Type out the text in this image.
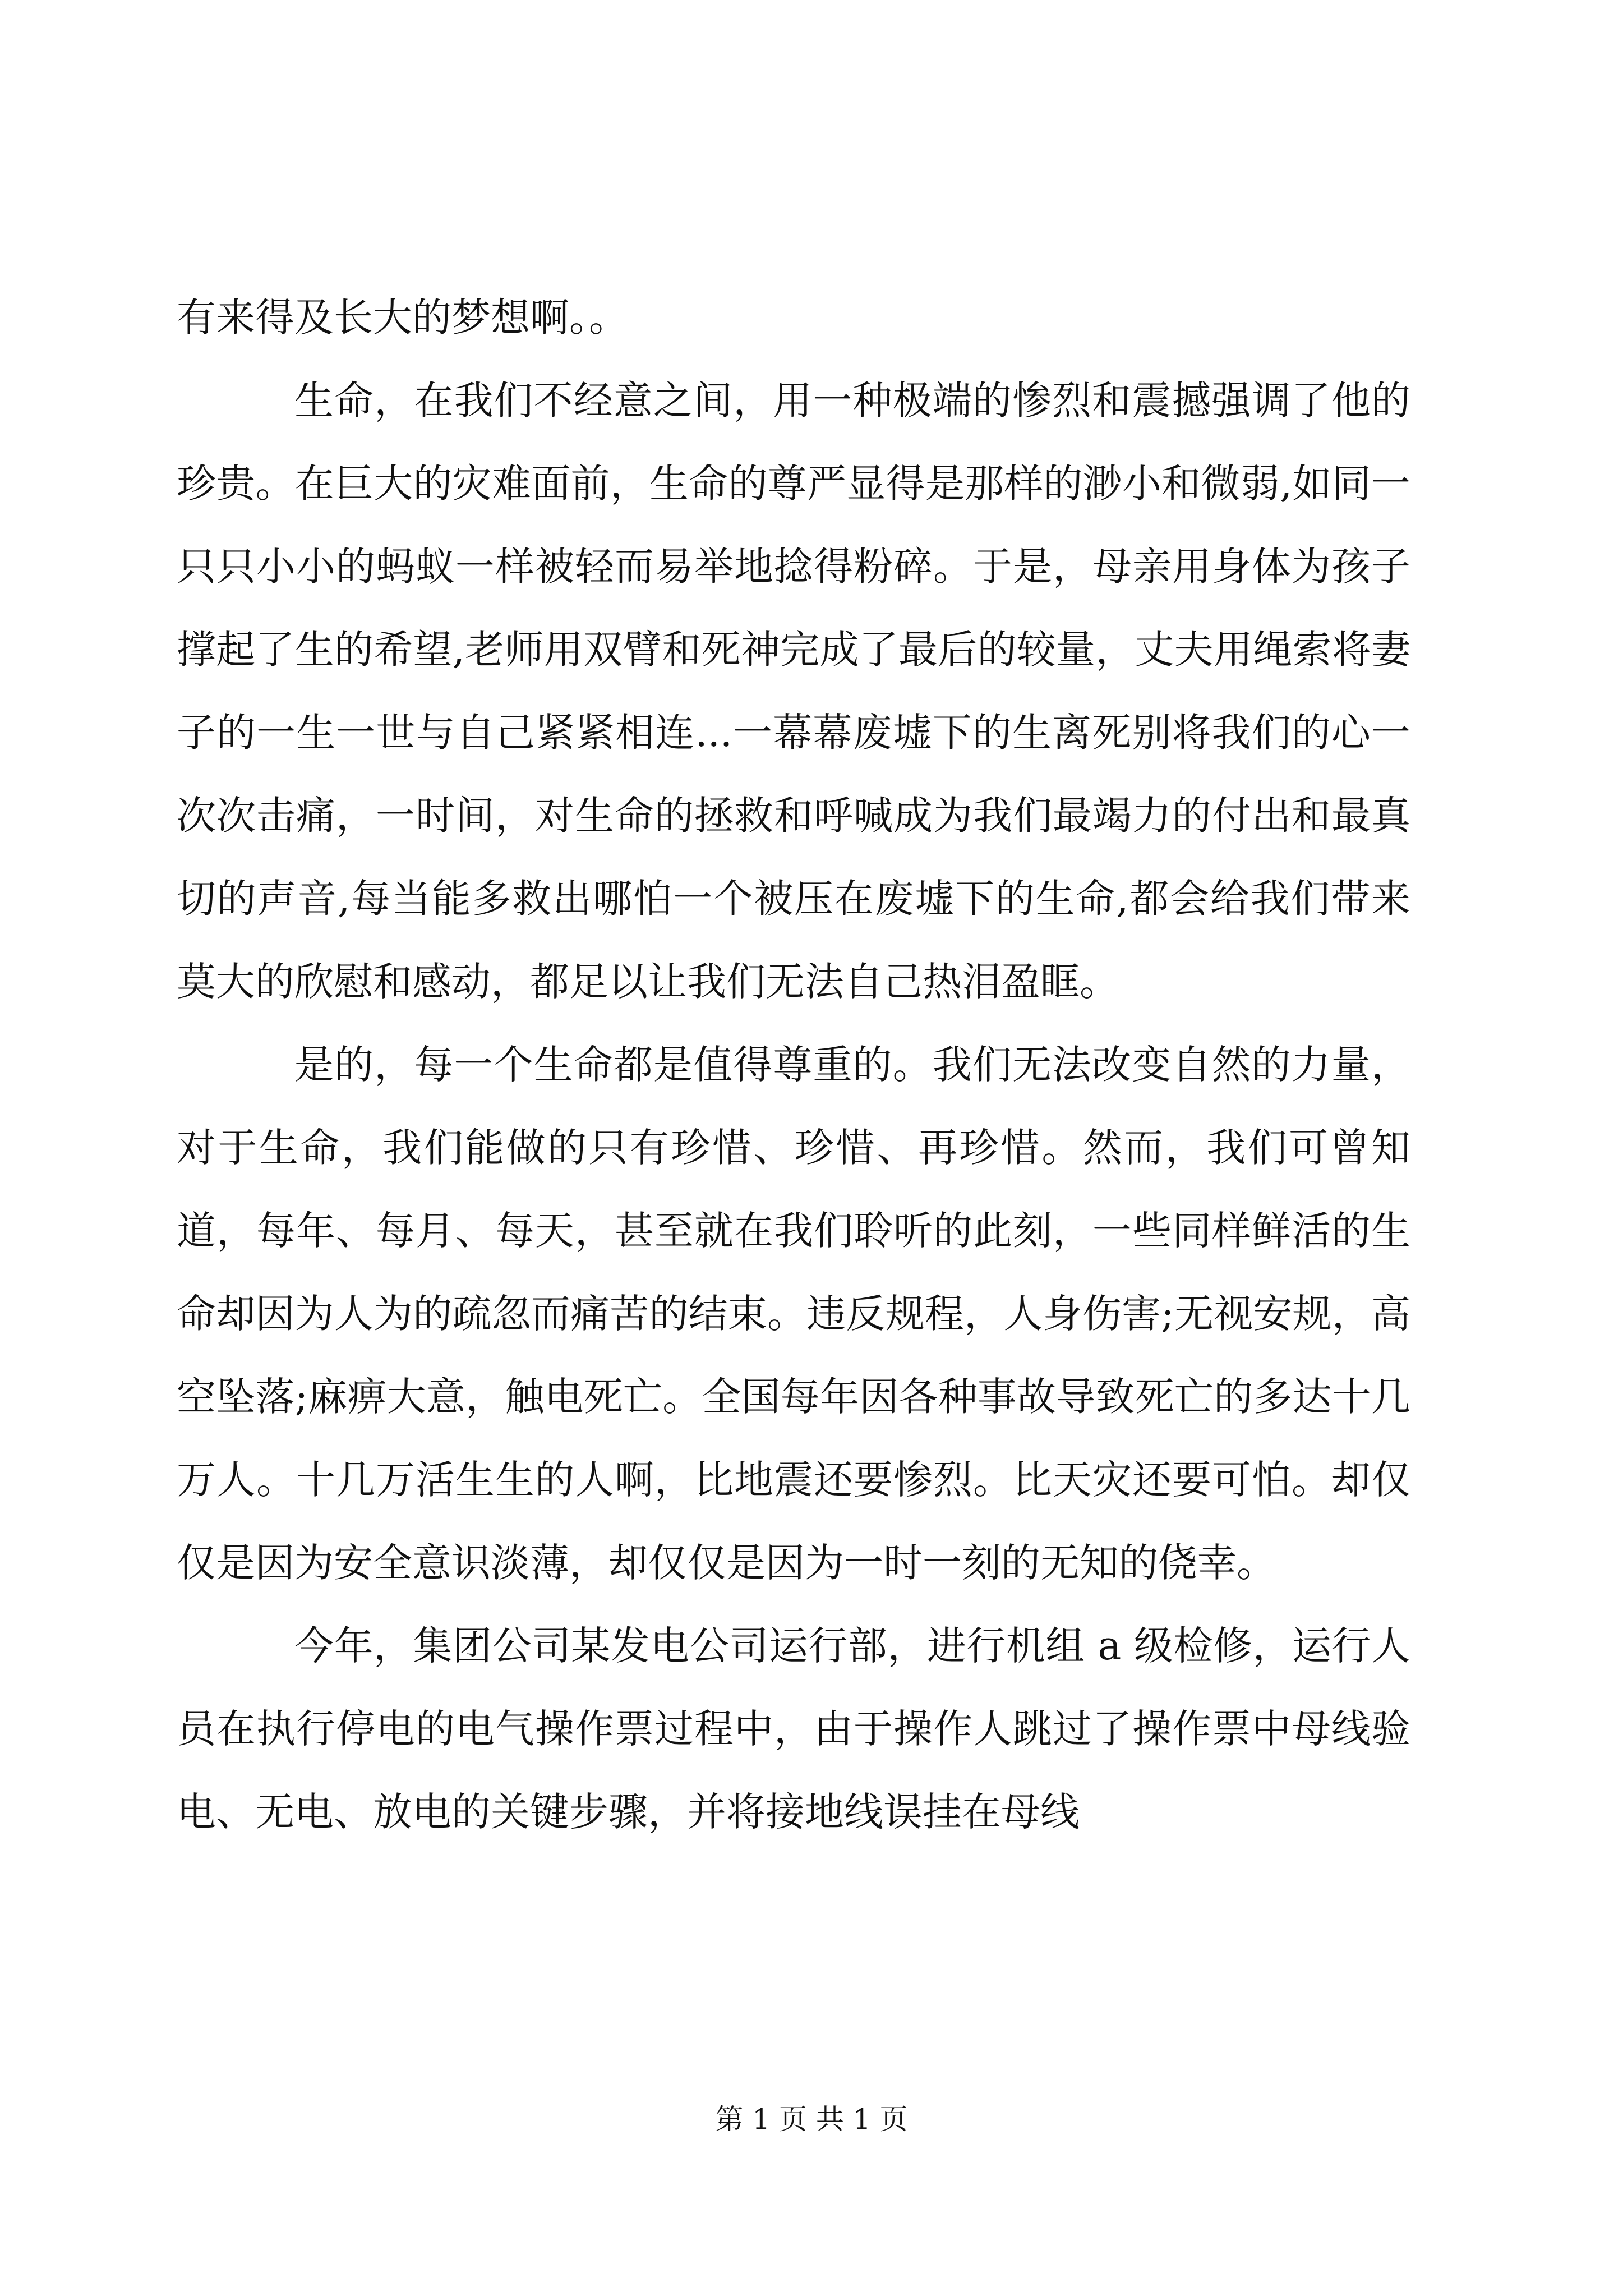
有来得及长大的梦想啊。。

生命，在我们不经意之间，用一种极端的惨烈和震撼强调了他的珍贵。在巨大的灾难面前，生命的尊严显得是那样的渺小和微弱,如同一只只小小的蚂蚁一样被轻而易举地捻得粉碎。于是，母亲用身体为孩子撑起了生的希望,老师用双臂和死神完成了最后的较量，丈夫用绳索将妻子的一生一世与自己紧紧相连...一幕幕废墟下的生离死别将我们的心一次次击痛，一时间，对生命的拯救和呼喊成为我们最竭力的付出和最真切的声音,每当能多救出哪怕一个被压在废墟下的生命,都会给我们带来莫大的欣慰和感动，都足以让我们无法自己热泪盈眶。

是的，每一个生命都是值得尊重的。我们无法改变自然的力量，对于生命，我们能做的只有珍惜、珍惜、再珍惜。然而，我们可曾知道，每年、每月、每天，甚至就在我们聆听的此刻，一些同样鲜活的生命却因为人为的疏忽而痛苦的结束。违反规程，人身伤害;无视安规，高空坠落;麻痹大意，触电死亡。全国每年因各种事故导致死亡的多达十几万人。十几万活生生的人啊，比地震还要惨烈。比天灾还要可怕。却仅仅是因为安全意识淡薄，却仅仅是因为一时一刻的无知的侥幸。

今年，集团公司某发电公司运行部，进行机组 a 级检修，运行人员在执行停电的电气操作票过程中，由于操作人跳过了操作票中母线验电、无电、放电的关键步骤，并将接地线误挂在母线

第 1 页 共 1 页
